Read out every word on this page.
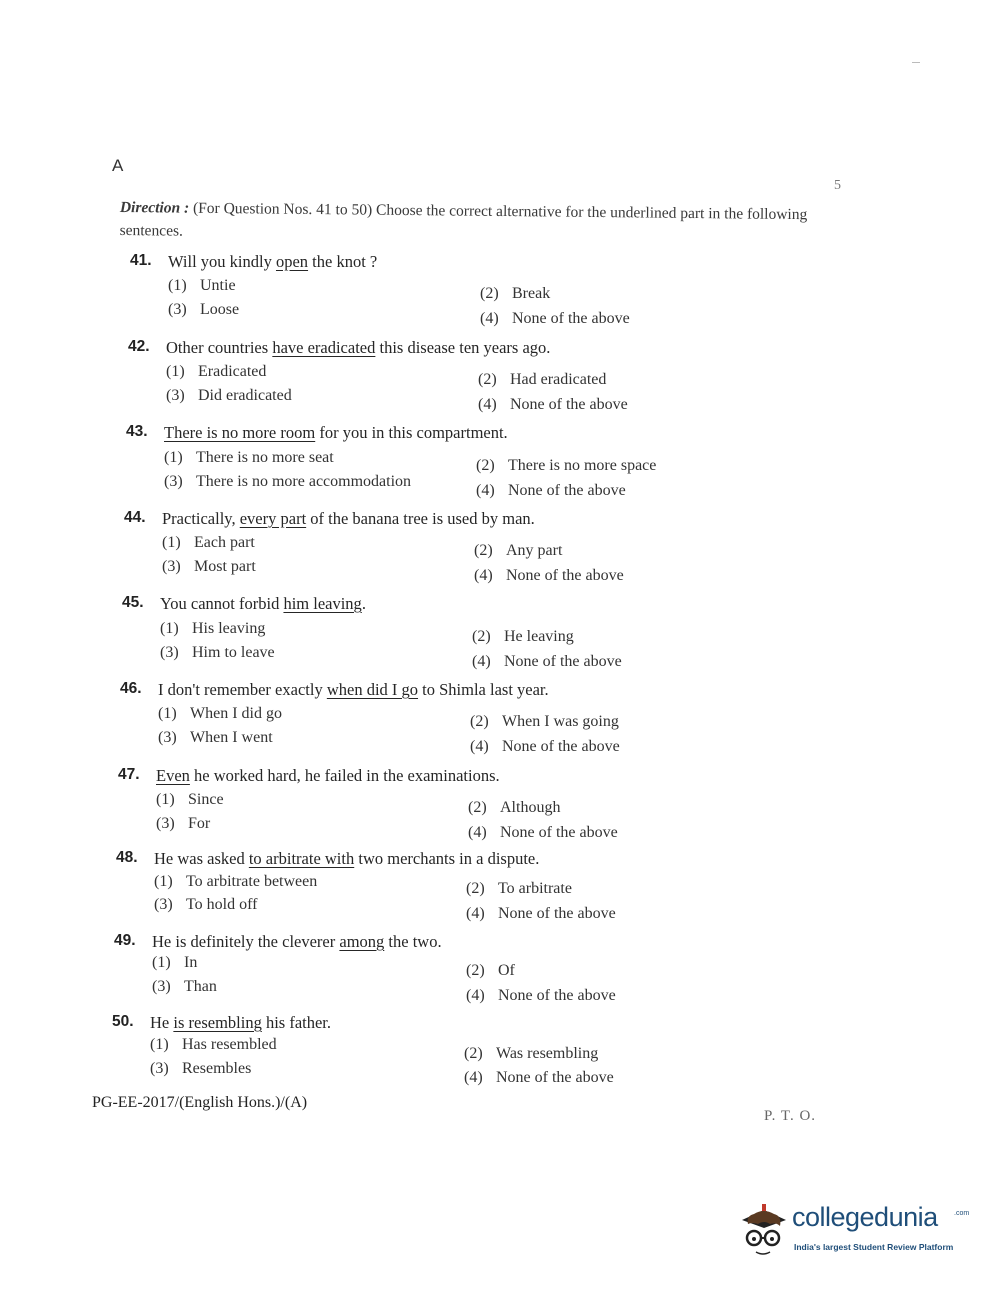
A
5
Direction : (For Question Nos. 41 to 50) Choose the correct alternative for the underlined part in the following sentences.
41. Will you kindly open the knot ?
(1) Untie	(2) Break
(3) Loose
(4) None of the above
42. Other countries have eradicated this disease ten years ago.
(1) Eradicated	(2) Had eradicated
(3) Did eradicated
(4) None of the above
43. There is no more room for you in this compartment.
(1) There is no more seat	(2) There is no more space
(3) There is no more accommodation
(4) None of the above
44. Practically, every part of the banana tree is used by man.
(1) Each part	(2) Any part
(3) Most part
(4) None of the above
45. You cannot forbid him leaving.
(1) His leaving	(2) He leaving
(3) Him to leave
(4) None of the above
46. I don't remember exactly when did I go to Shimla last year.
(1) When I did go	(2) When I was going
(3) When I went
(4) None of the above
47. Even he worked hard, he failed in the examinations.
(1) Since	(2) Although
(3) For
(4) None of the above
48. He was asked to arbitrate with two merchants in a dispute.
(1) To arbitrate between	(2) To arbitrate
(3) To hold off
(4) None of the above
49. He is definitely the cleverer among the two.
(1) In	(2) Of
(3) Than
(4) None of the above
50. He is resembling his father.
(1) Has resembled
(2) Was resembling
(3) Resembles
(4) None of the above
PG-EE-2017/(English Hons.)/(A)
P. T. O.
collegedunia .com
India's largest Student Review Platform
